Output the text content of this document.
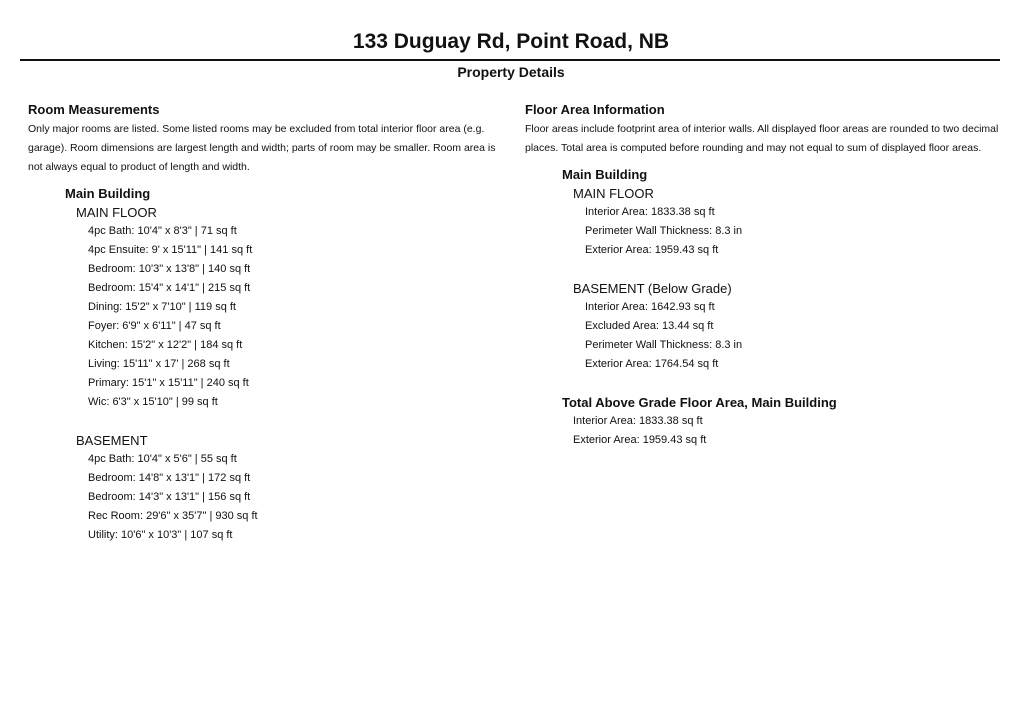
133 Duguay Rd, Point Road, NB
Property Details

Room Measurements

Only major rooms are listed. Some listed rooms may be excluded from total interior floor area (e.g. garage). Room dimensions are largest length and width; parts of room may be smaller. Room area is not always equal to product of length and width.

Main Building
MAIN FLOOR
4pc Bath: 10'4" x 8'3" | 71 sq ft
4pc Ensuite: 9' x 15'11" | 141 sq ft
Bedroom: 10'3" x 13'8" | 140 sq ft
Bedroom: 15'4" x 14'1" | 215 sq ft
Dining: 15'2" x 7'10" | 119 sq ft
Foyer: 6'9" x 6'11" | 47 sq ft
Kitchen: 15'2" x 12'2" | 184 sq ft
Living: 15'11" x 17' | 268 sq ft
Primary: 15'1" x 15'11" | 240 sq ft
Wic: 6'3" x 15'10" | 99 sq ft
BASEMENT
4pc Bath: 10'4" x 5'6" | 55 sq ft
Bedroom: 14'8" x 13'1" | 172 sq ft
Bedroom: 14'3" x 13'1" | 156 sq ft
Rec Room: 29'6" x 35'7" | 930 sq ft
Utility: 10'6" x 10'3" | 107 sq ft

Floor Area Information

Floor areas include footprint area of interior walls. All displayed floor areas are rounded to two decimal places. Total area is computed before rounding and may not equal to sum of displayed floor areas.

Main Building
MAIN FLOOR
Interior Area: 1833.38 sq ft
Perimeter Wall Thickness: 8.3 in
Exterior Area: 1959.43 sq ft
BASEMENT (Below Grade)
Interior Area: 1642.93 sq ft
Excluded Area: 13.44 sq ft
Perimeter Wall Thickness: 8.3 in
Exterior Area: 1764.54 sq ft
Total Above Grade Floor Area, Main Building
Interior Area: 1833.38 sq ft
Exterior Area: 1959.43 sq ft
